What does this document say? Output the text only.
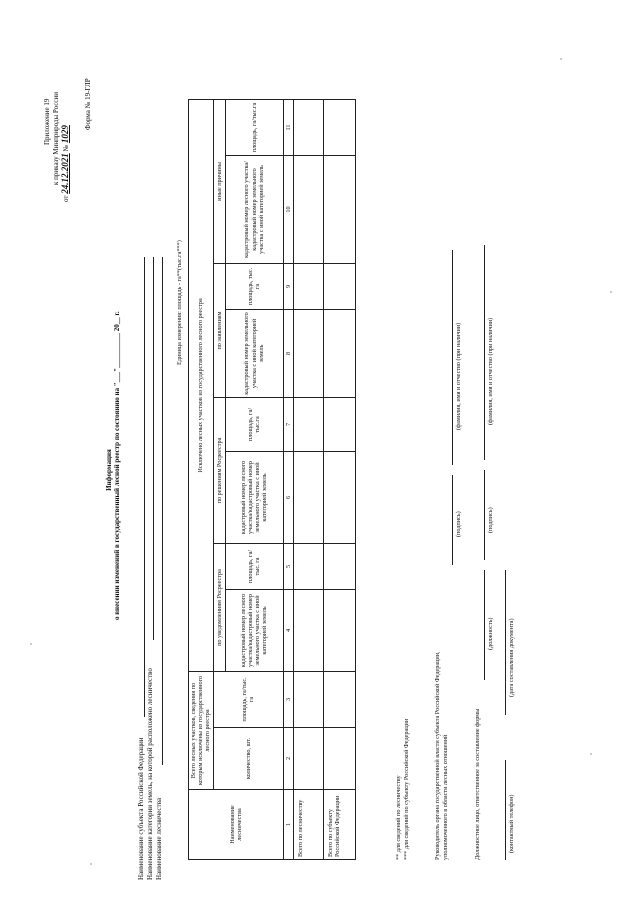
Приложение 19 к приказу Минприроды России
от 24.12.2021 № 1029
Форма № 19-ГЛР
Наименование субъекта Российской Федерации Наименование категории земель, на которой расположено лесничество Наименование лесничества
Информация о внесении изменений в государственный лесной реестр по состоянию на "___"__________ 20__ г.	Единица измерения: площадь - га**(тыс.га***)
Наименование лесничества	Всего лесных участков, сведения по которым исключены из государственного лесного реестра		Исключено лесных участков из государственного лесного реестра							
	количество, шт.	площадь, га/тыс. га	по уведомлениям Росреестра		по решениям Росреестра		по заявлениям		иные причины	
			кадастровый номер лесного участка/кадастровый номер земельного участка с иной категорией земель	площадь, га/тыс. га	кадастровый номер лесного участка/кадастровый номер земельного участка с иной категорией земель	площадь, га/тыс.га	кадастровый номер земельного участка с иной категорией земель	площадь, тыс. га	кадастровый номер лесного участка/кадастровый номер земельного участка с иной категорией земель	площадь, га/тыс.га
1	2	3	4	5	6	7	8	9	10	11
Всего по лесничеству										
Всего по субъекту Российской Федерации											** для сведений по лесничеству *** для сведений по субъекту Российской Федерации	Руководитель органа государственной власти субъекта Российской Федерации, уполномоченного в области лесных отношений
(подпись)
(фамилия, имя и отчество (при наличии)
Должностное лицо, ответственное за составление формы
(должность)
(подпись)
(фамилия, имя и отчество (при наличии)
(контактный телефон)
(дата составления документа)
